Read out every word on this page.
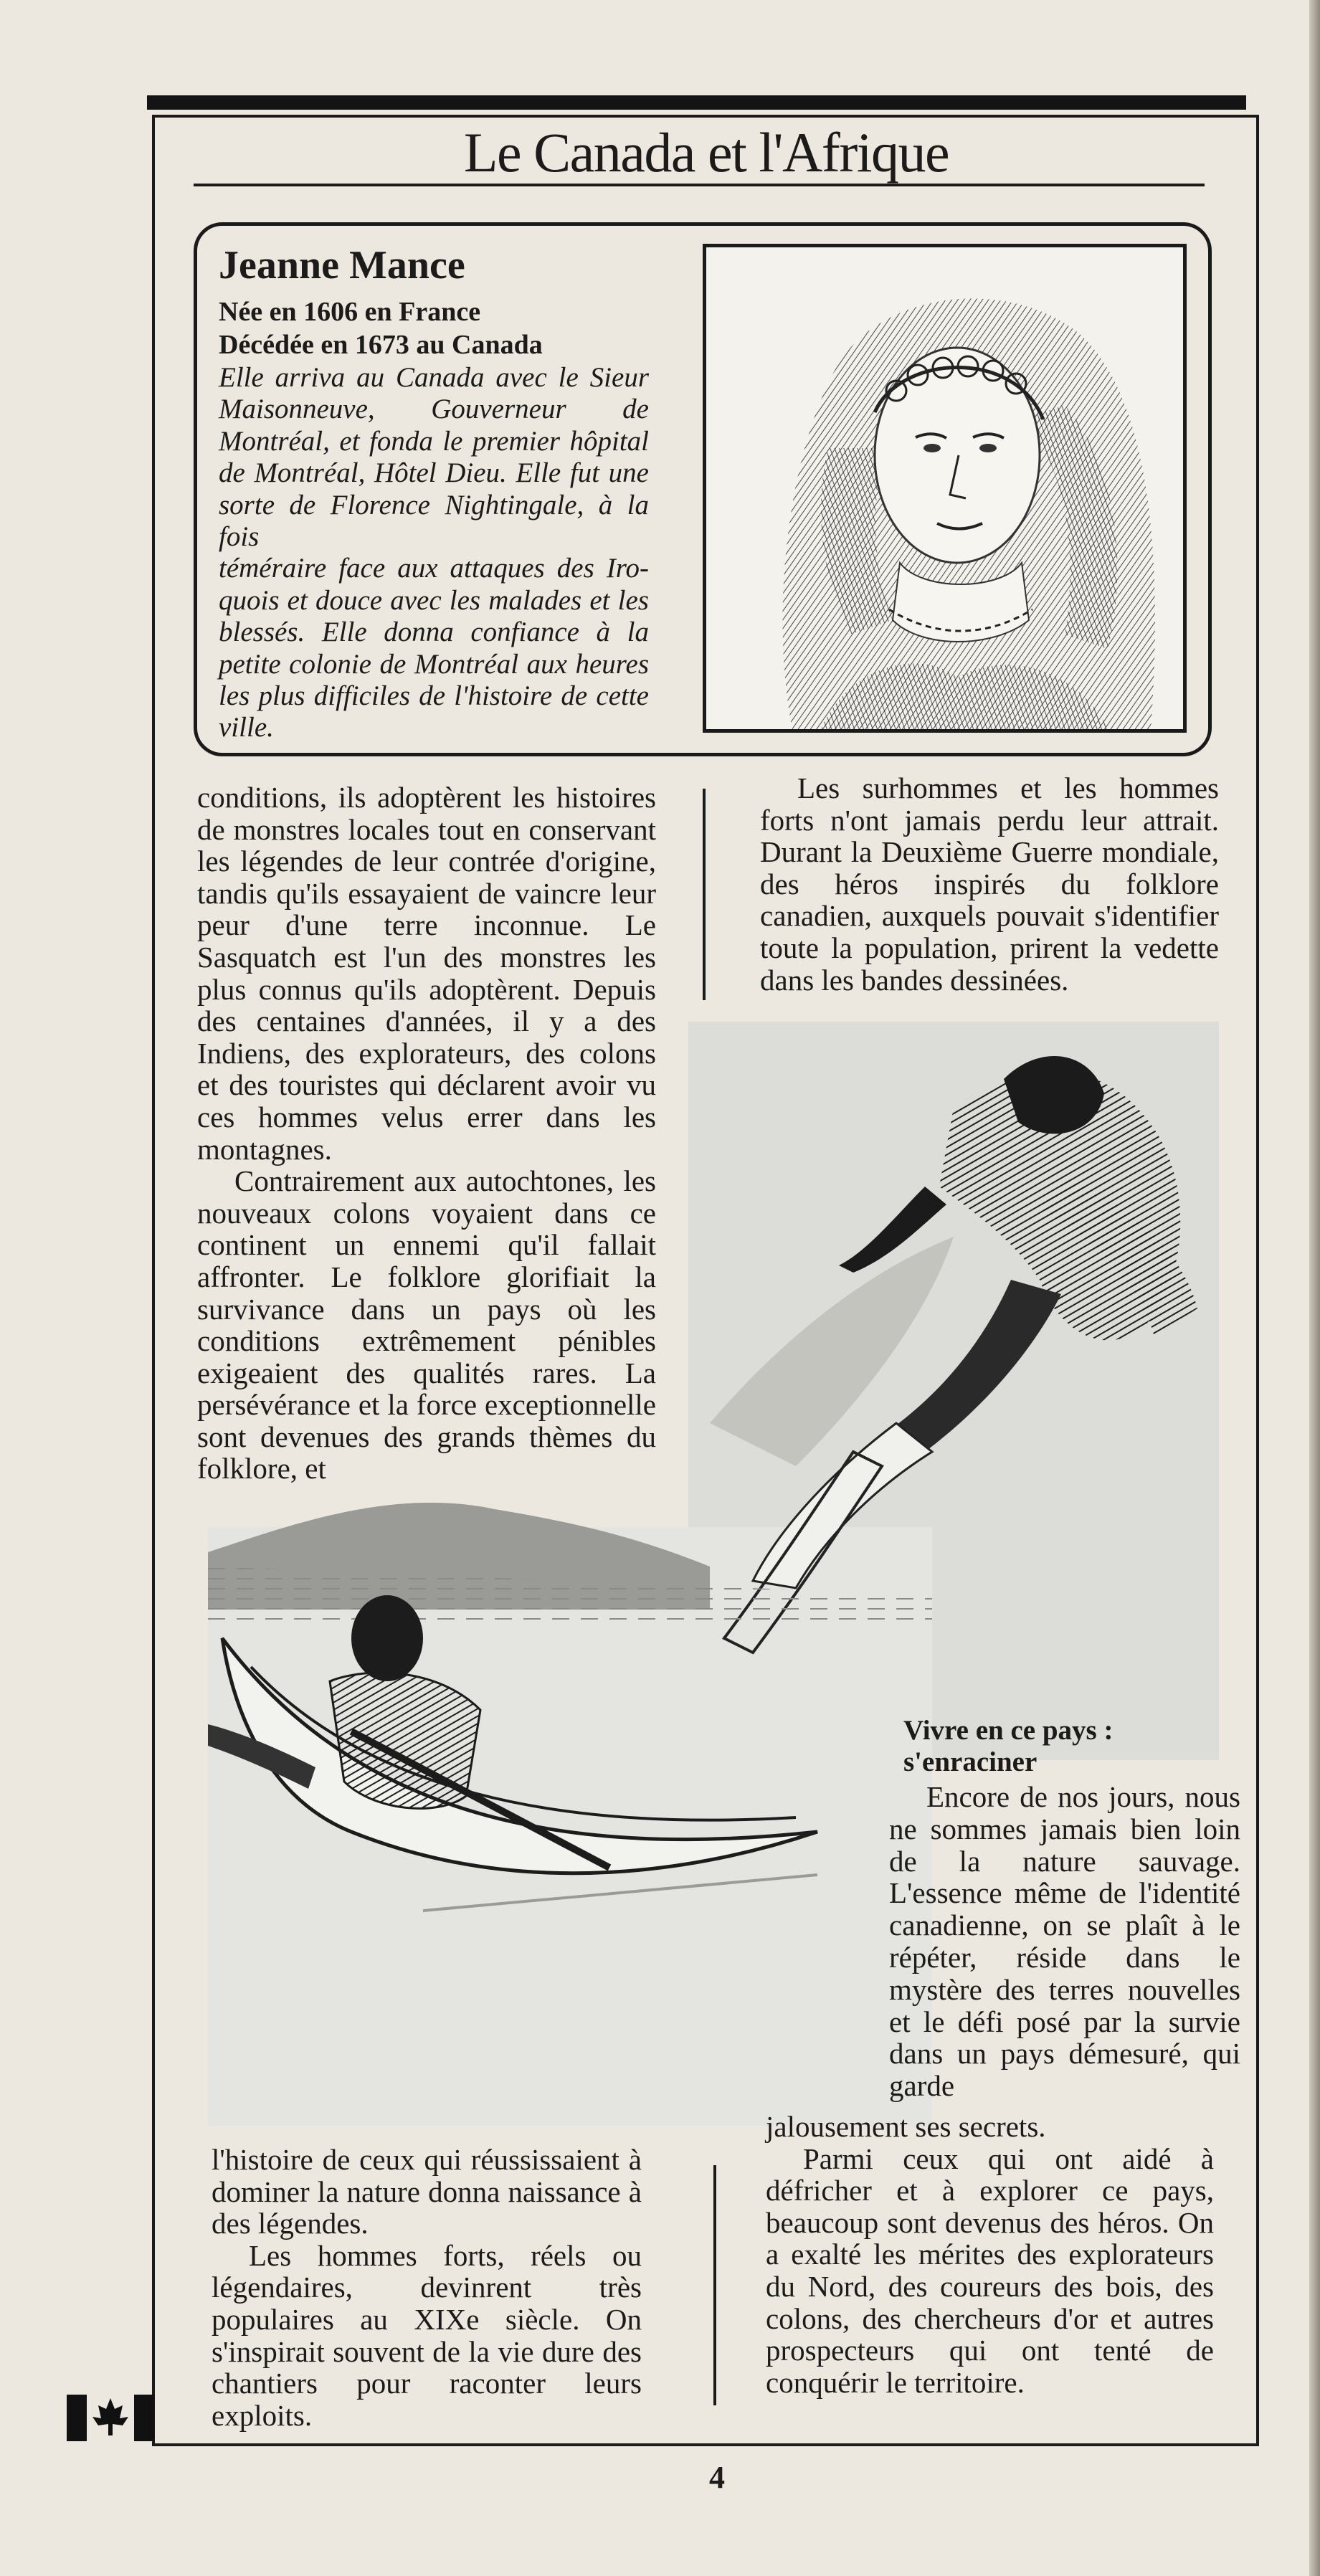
Le Canada et l'Afrique
Jeanne Mance
Née en 1606 en France
Décédée en 1673 au Canada
Elle arriva au Canada avec le Sieur
Maisonneuve, Gouverneur de
Montréal, et fonda le premier hôpital
de Montréal, Hôtel Dieu. Elle fut une
sorte de Florence Nightingale, à la fois
téméraire face aux attaques des Iro-
quois et douce avec les malades et les
blessés. Elle donna confiance à la
petite colonie de Montréal aux heures
les plus difficiles de l'histoire de cette
ville.

conditions, ils adoptèrent les histoires de monstres locales tout en conservant les légendes de leur contrée d'origine, tandis qu'ils essayaient de vaincre leur peur d'une terre inconnue. Le Sasquatch est l'un des monstres les plus connus qu'ils adoptèrent. Depuis des centaines d'années, il y a des Indiens, des explorateurs, des colons et des touristes qui déclarent avoir vu ces hommes velus errer dans les montagnes.

Contrairement aux autochtones, les nouveaux colons voyaient dans ce continent un ennemi qu'il fallait affronter. Le folklore glorifiait la survivance dans un pays où les conditions extrêmement pénibles exigeaient des qualités rares. La persévérance et la force exceptionnelle sont devenues des grands thèmes du folklore, et

Les surhommes et les hommes forts n'ont jamais perdu leur attrait. Durant la Deuxième Guerre mondiale, des héros inspirés du folklore canadien, auxquels pouvait s'identifier toute la population, prirent la vedette dans les bandes dessinées.

Vivre en ce pays : s'enraciner

Encore de nos jours, nous ne sommes jamais bien loin de la nature sauvage. L'essence même de l'identité canadienne, on se plaît à le répéter, réside dans le mystère des terres nouvelles et le défi posé par la survie dans un pays démesuré, qui garde

l'histoire de ceux qui réussissaient à dominer la nature donna naissance à des légendes.

Les hommes forts, réels ou légendaires, devinrent très populaires au XIXe siècle. On s'inspirait souvent de la vie dure des chantiers pour raconter leurs exploits.

jalousement ses secrets.

Parmi ceux qui ont aidé à défricher et à explorer ce pays, beaucoup sont devenus des héros. On a exalté les mérites des explorateurs du Nord, des coureurs des bois, des colons, des chercheurs d'or et autres prospecteurs qui ont tenté de conquérir le territoire.

4
